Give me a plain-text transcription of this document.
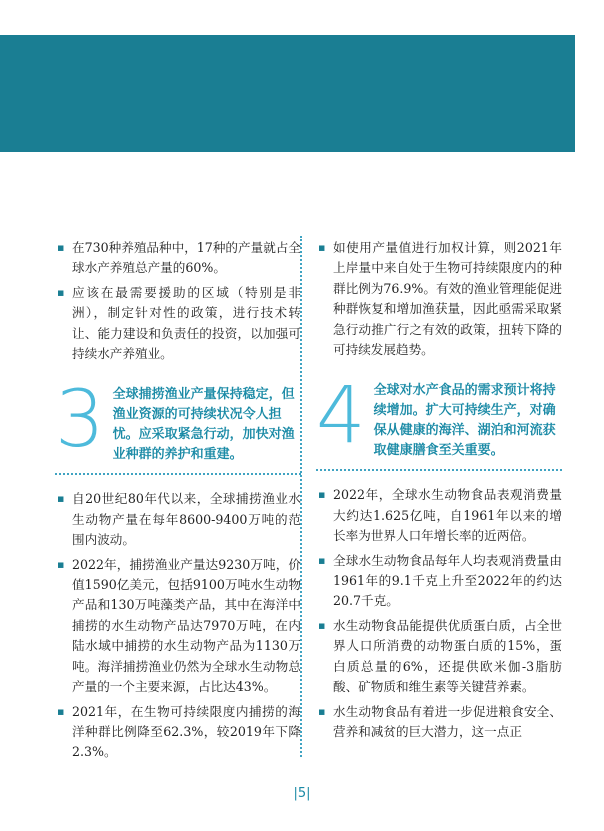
▪ 在730种养殖品种中，17种的产量就占全球水产养殖总产量的60%。
▪ 应该在最需要援助的区域（特别是非洲），制定针对性的政策，进行技术转让、能力建设和负责任的投资，以加强可持续水产养殖业。
3 全球捕捞渔业产量保持稳定，但渔业资源的可持续状况令人担忧。应采取紧急行动，加快对渔业种群的养护和重建。
▪ 自20世纪80年代以来，全球捕捞渔业水生动物产量在每年8600-9400万吨的范围内波动。
▪ 2022年，捕捞渔业产量达9230万吨，价值1590亿美元，包括9100万吨水生动物产品和130万吨藻类产品，其中在海洋中捕捞的水生动物产品达7970万吨，在内陆水域中捕捞的水生动物产品为1130万吨。海洋捕捞渔业仍然为全球水生动物总产量的一个主要来源，占比达43%。
▪ 2021年，在生物可持续限度内捕捞的海洋种群比例降至62.3%，较2019年下降2.3%。
▪ 如使用产量值进行加权计算，则2021年上岸量中来自处于生物可持续限度内的种群比例为76.9%。有效的渔业管理能促进种群恢复和增加渔获量，因此亟需采取紧急行动推广行之有效的政策，扭转下降的可持续发展趋势。
4 全球对水产食品的需求预计将持续增加。扩大可持续生产，对确保从健康的海洋、湖泊和河流获取健康膳食至关重要。
▪ 2022年，全球水生动物食品表观消费量大约达1.625亿吨，自1961年以来的增长率为世界人口年增长率的近两倍。
▪ 全球水生动物食品每年人均表观消费量由1961年的9.1千克上升至2022年的约达20.7千克。
▪ 水生动物食品能提供优质蛋白质，占全世界人口所消费的动物蛋白质的15%，蛋白质总量的6%，还提供欧米伽-3脂肪酸、矿物质和维生素等关键营养素。
▪ 水生动物食品有着进一步促进粮食安全、营养和减贫的巨大潜力，这一点正
|5|
